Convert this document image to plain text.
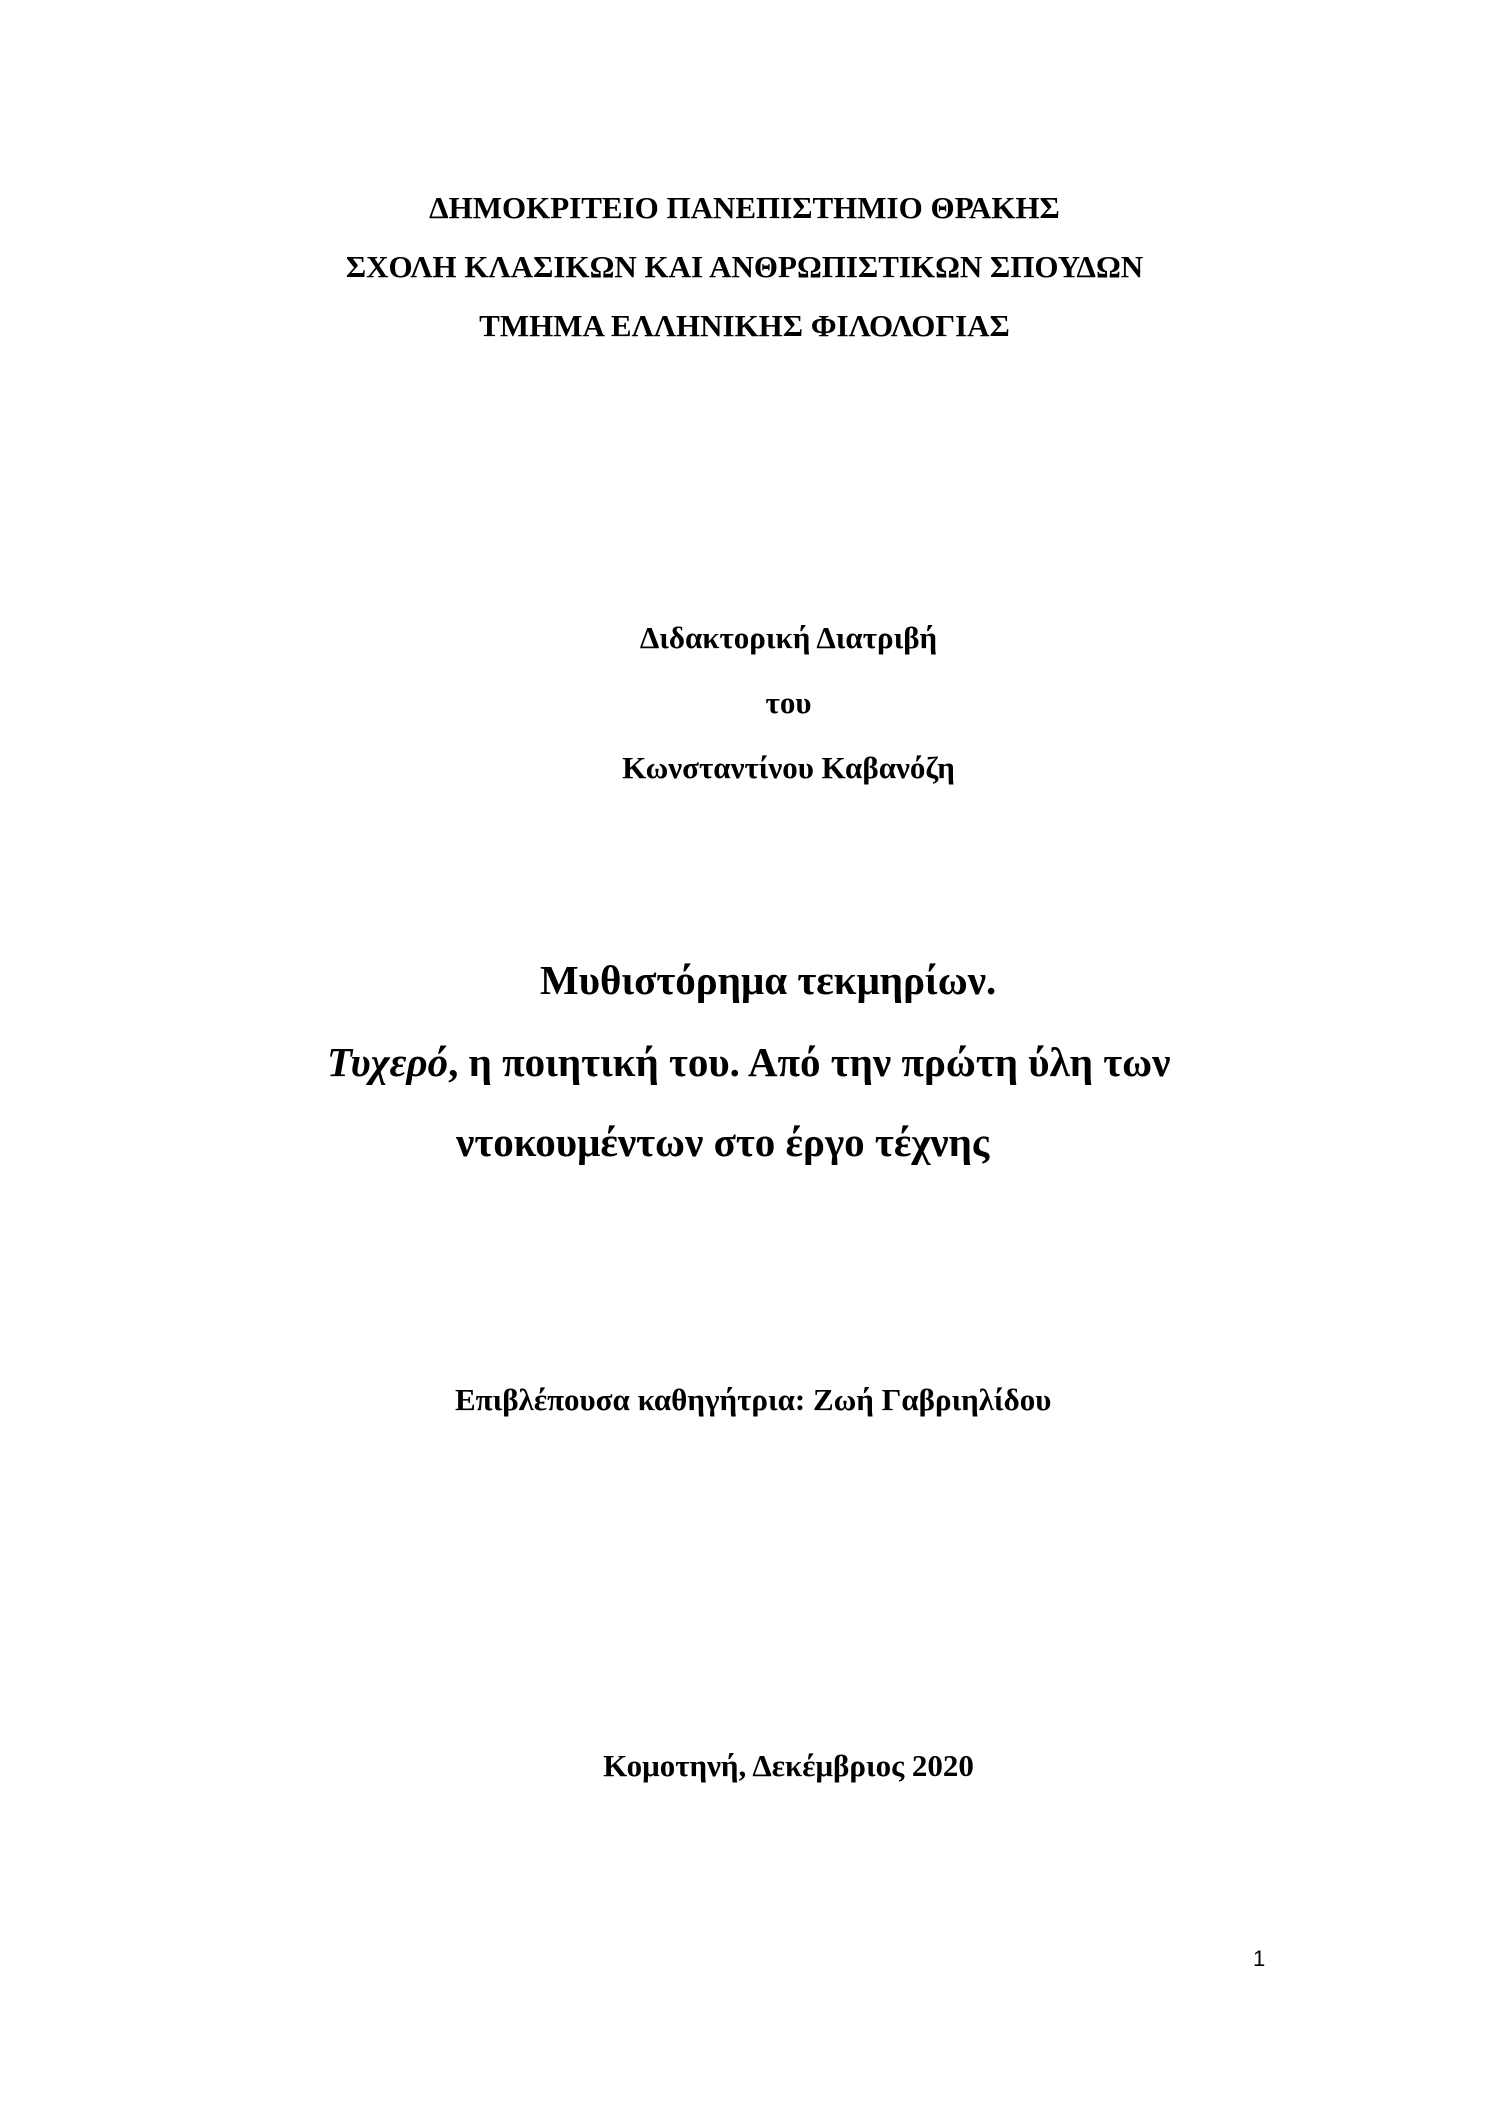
ΔΗΜΟΚΡΙΤΕΙΟ ΠΑΝΕΠΙΣΤΗΜΙΟ ΘΡΑΚΗΣ
ΣΧΟΛΗ ΚΛΑΣΙΚΩΝ ΚΑΙ ΑΝΘΡΩΠΙΣΤΙΚΩΝ ΣΠΟΥΔΩΝ
ΤΜΗΜΑ ΕΛΛΗΝΙΚΗΣ ΦΙΛΟΛΟΓΙΑΣ
Διδακτορική Διατριβή
του
Κωνσταντίνου Καβανόζη
Μυθιστόρημα τεκμηρίων.
Τυχερό, η ποιητική του. Από την πρώτη ύλη των
ντοκουμέντων στο έργο τέχνης
Επιβλέπουσα καθηγήτρια: Ζωή Γαβριηλίδου
Κομοτηνή, Δεκέμβριος 2020
1
